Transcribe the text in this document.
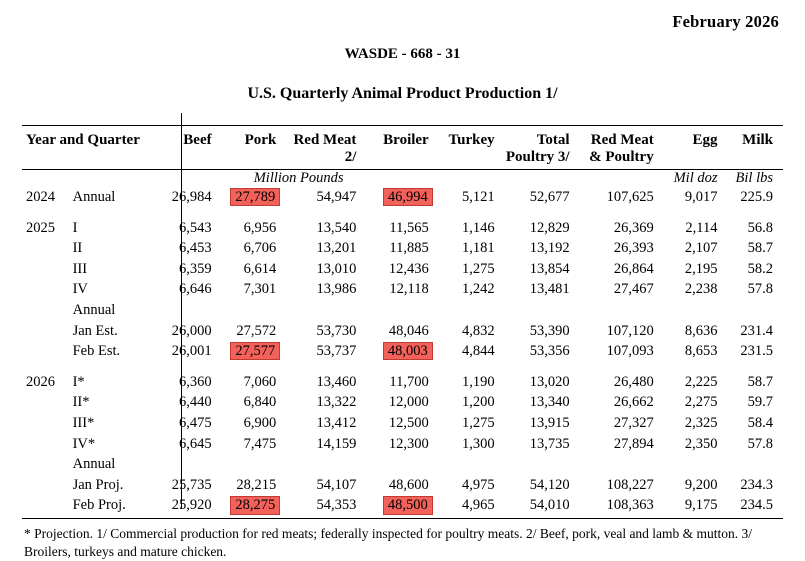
February 2026
WASDE - 668 - 31
U.S. Quarterly Animal Product Production 1/
Year and Quarter		Beef	Pork	Red Meat	Broiler	Turkey	Total	Red Meat	Egg	Milk
				2/			Poultry 3/	& Poultry		

		Million Pounds							Mil doz	Bil lbs
2024	Annual	26,984	27,789	54,947	46,994	5,121	52,677	107,625	9,017	225.9

2025	I	6,543	6,956	13,540	11,565	1,146	12,829	26,369	2,114	56.8
	II	6,453	6,706	13,201	11,885	1,181	13,192	26,393	2,107	58.7
	III	6,359	6,614	13,010	12,436	1,275	13,854	26,864	2,195	58.2
	IV	6,646	7,301	13,986	12,118	1,242	13,481	27,467	2,238	57.8
	Annual									
	Jan Est.	26,000	27,572	53,730	48,046	4,832	53,390	107,120	8,636	231.4
	Feb Est.	26,001	27,577	53,737	48,003	4,844	53,356	107,093	8,653	231.5

2026	I*	6,360	7,060	13,460	11,700	1,190	13,020	26,480	2,225	58.7
	II*	6,440	6,840	13,322	12,000	1,200	13,340	26,662	2,275	59.7
	III*	6,475	6,900	13,412	12,500	1,275	13,915	27,327	2,325	58.4
	IV*	6,645	7,475	14,159	12,300	1,300	13,735	27,894	2,350	57.8
	Annual									
	Jan Proj.	25,735	28,215	54,107	48,600	4,975	54,120	108,227	9,200	234.3
	Feb Proj.	25,920	28,275	54,353	48,500	4,965	54,010	108,363	9,175	234.5
* Projection. 1/ Commercial production for red meats; federally inspected for poultry meats. 2/ Beef, pork, veal and lamb & mutton. 3/
Broilers, turkeys and mature chicken.
